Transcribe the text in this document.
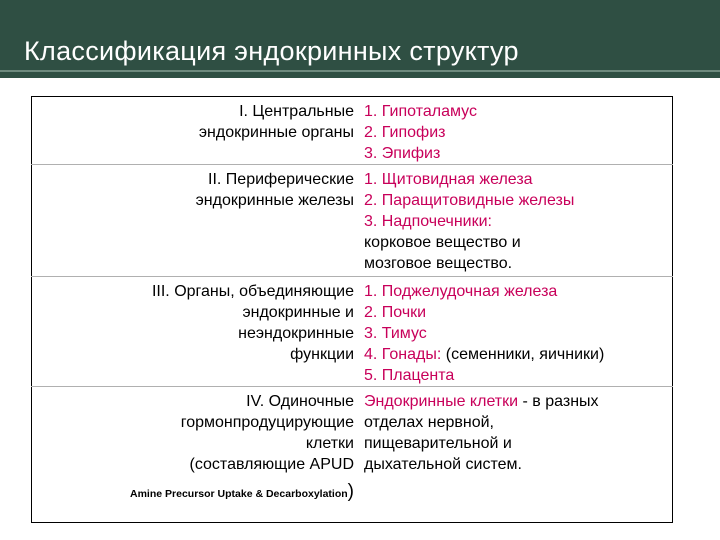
Классификация эндокринных структур
I. Центральные
эндокринные органы	1. Гипоталамус
2. Гипофиз
3. Эпифиз

II. Периферические
эндокринные железы	1. Щитовидная железа
2. Паращитовидные железы
3. Надпочечники:
корковое вещество и
мозговое вещество.

III. Органы, объединяющие
эндокринные и
неэндокринные
функции	1. Поджелудочная железа
2. Почки
3. Тимус
4. Гонады: (семенники, яичники)
5. Плацента

IV. Одиночные
гормонпродуцирующие
клетки
(составляющие APUD
Amine Precursor Uptake & Decarboxylation)	Эндокринные клетки - в разных
отделах нервной,
пищеварительной и
дыхательной систем.
